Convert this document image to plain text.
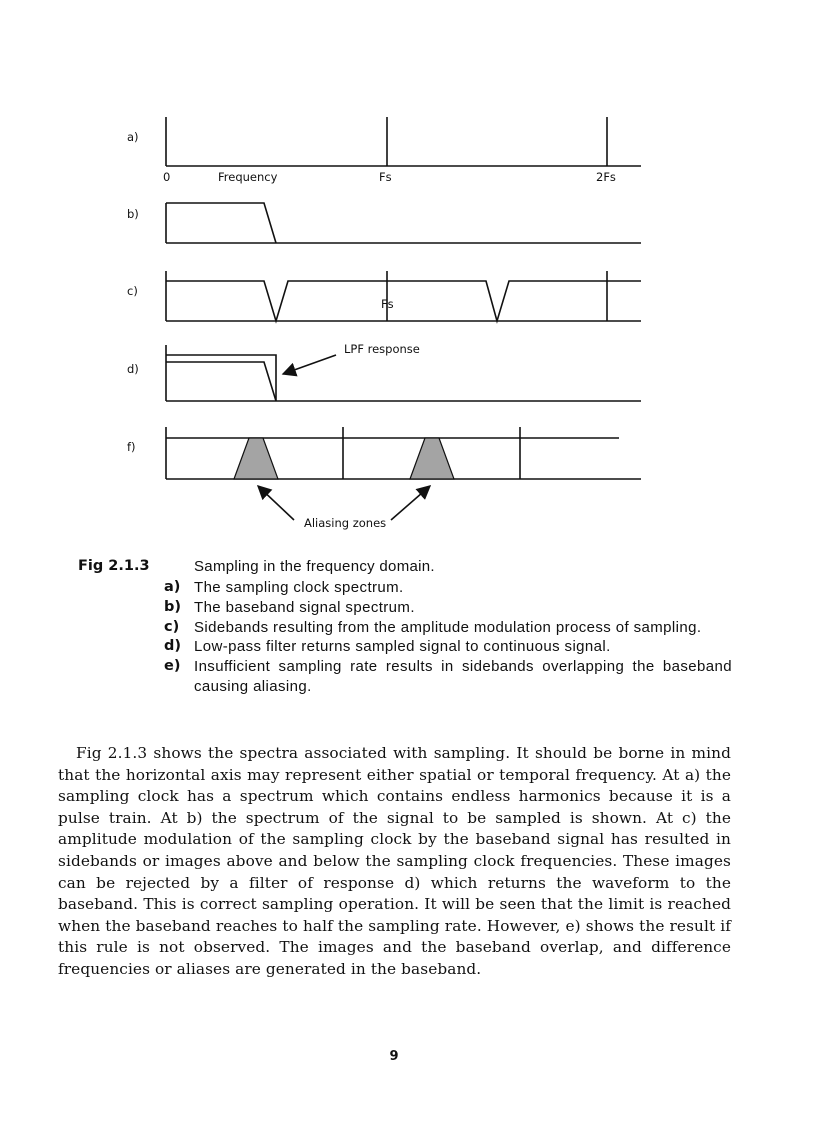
a)
b)
c)
d)
f)
0	Frequency	Fs	2Fs
Fs
LPF response
Aliasing zones
Fig 2.1.3	Sampling in the frequency domain.
a) The sampling clock spectrum.
b) The baseband signal spectrum.
c) Sidebands resulting from the amplitude modulation process of sampling.
d) Low-pass filter returns sampled signal to continuous signal.
e) Insufficient sampling rate results in sidebands overlapping the baseband causing aliasing.

Fig 2.1.3 shows the spectra associated with sampling. It should be borne in mind that the horizontal axis may represent either spatial or temporal frequency. At a) the sampling clock has a spectrum which contains endless harmonics because it is a pulse train. At b) the spectrum of the signal to be sampled is shown. At c) the amplitude modulation of the sampling clock by the baseband signal has resulted in sidebands or images above and below the sampling clock frequencies. These images can be rejected by a filter of response d) which returns the waveform to the baseband. This is correct sampling operation. It will be seen that the limit is reached when the baseband reaches to half the sampling rate. However, e) shows the result if this rule is not observed. The images and the baseband overlap, and difference frequencies or aliases are generated in the baseband.

9
